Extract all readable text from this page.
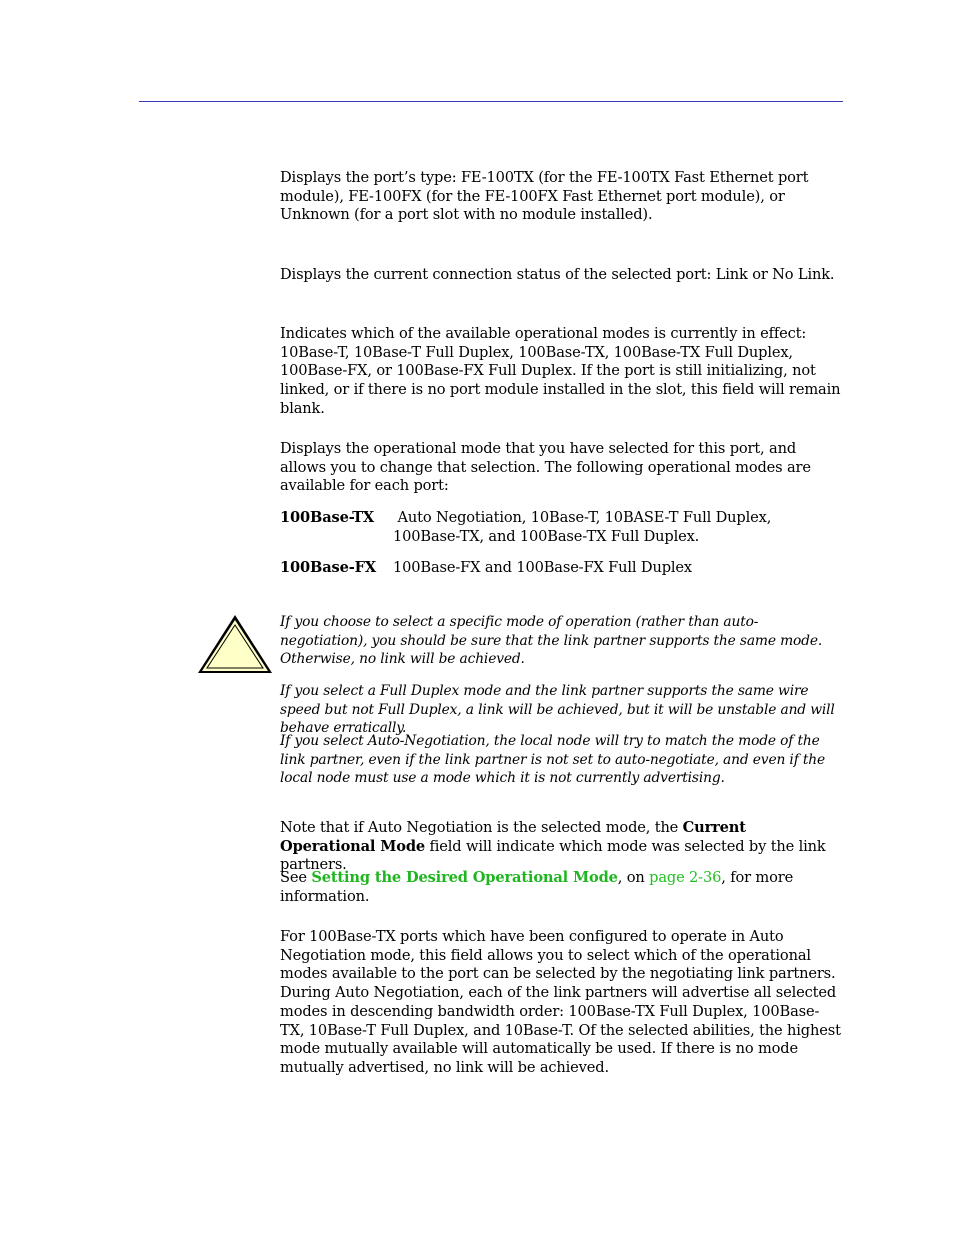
Displays the port’s type: FE-100TX (for the FE-100TX Fast Ethernet port module), FE-100FX (for the FE-100FX Fast Ethernet port module), or Unknown (for a port slot with no module installed).

Displays the current connection status of the selected port: Link or No Link.

Indicates which of the available operational modes is currently in effect: 10Base-T, 10Base-T Full Duplex, 100Base-TX, 100Base-TX Full Duplex, 100Base-FX, or 100Base-FX Full Duplex. If the port is still initializing, not linked, or if there is no port module installed in the slot, this field will remain blank.

Displays the operational mode that you have selected for this port, and allows you to change that selection. The following operational modes are available for each port:

100Base-TX Auto Negotiation, 10Base-T, 10BASE-T Full Duplex,
100Base-TX, and 100Base-TX Full Duplex.
100Base-FX 100Base-FX and 100Base-FX Full Duplex

If you choose to select a specific mode of operation (rather than auto-negotiation), you should be sure that the link partner supports the same mode. Otherwise, no link will be achieved.

If you select a Full Duplex mode and the link partner supports the same wire speed but not Full Duplex, a link will be achieved, but it will be unstable and will behave erratically.

If you select Auto-Negotiation, the local node will try to match the mode of the link partner, even if the link partner is not set to auto-negotiate, and even if the local node must use a mode which it is not currently advertising.

Note that if Auto Negotiation is the selected mode, the Current Operational Mode field will indicate which mode was selected by the link partners.

See Setting the Desired Operational Mode, on page 2-36, for more information.

For 100Base-TX ports which have been configured to operate in Auto Negotiation mode, this field allows you to select which of the operational modes available to the port can be selected by the negotiating link partners. During Auto Negotiation, each of the link partners will advertise all selected modes in descending bandwidth order: 100Base-TX Full Duplex, 100Base-TX, 10Base-T Full Duplex, and 10Base-T. Of the selected abilities, the highest mode mutually available will automatically be used. If there is no mode mutually advertised, no link will be achieved.
